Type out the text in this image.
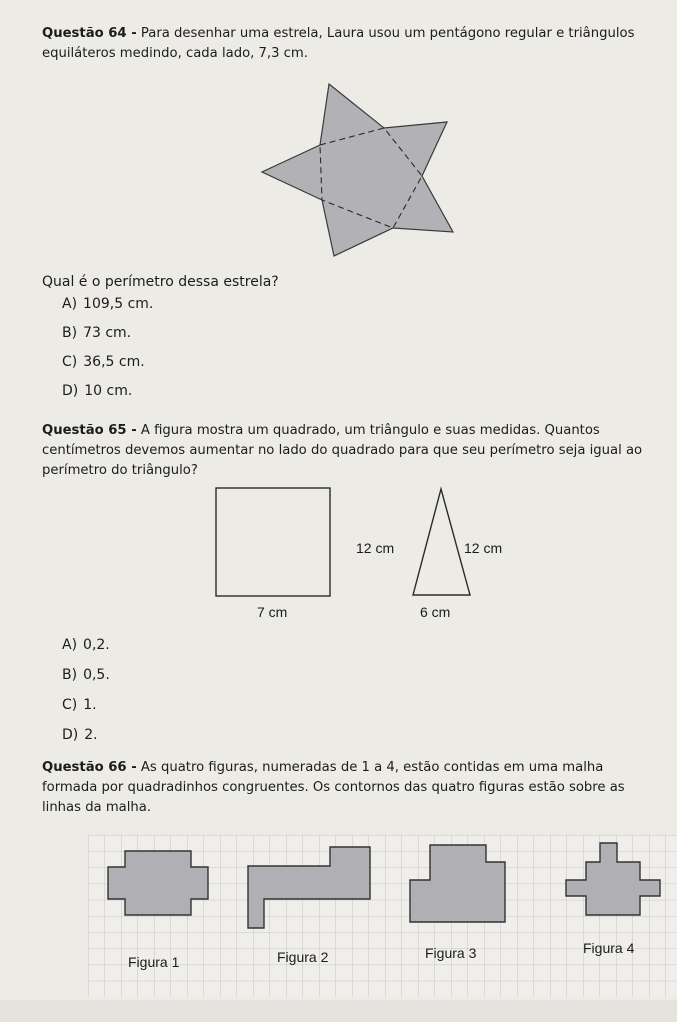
Questão 64 - Para desenhar uma estrela, Laura usou um pentágono regular e triângulos equiláteros medindo, cada lado, 7,3 cm.
Qual é o perímetro dessa estrela?
A) 109,5 cm.
B) 73 cm.
C) 36,5 cm.
D) 10 cm.
Questão 65 - A figura mostra um quadrado, um triângulo e suas medidas. Quantos centímetros devemos aumentar no lado do quadrado para que seu perímetro seja igual ao perímetro do triângulo?
7 cm
12 cm	12 cm
6 cm
A) 0,2.
B) 0,5.
C) 1.
D) 2.
Questão 66 - As quatro figuras, numeradas de 1 a 4, estão contidas em uma malha formada por quadradinhos congruentes. Os contornos das quatro figuras estão sobre as linhas da malha.
Figura 1	Figura 2	Figura 3	Figura 4
